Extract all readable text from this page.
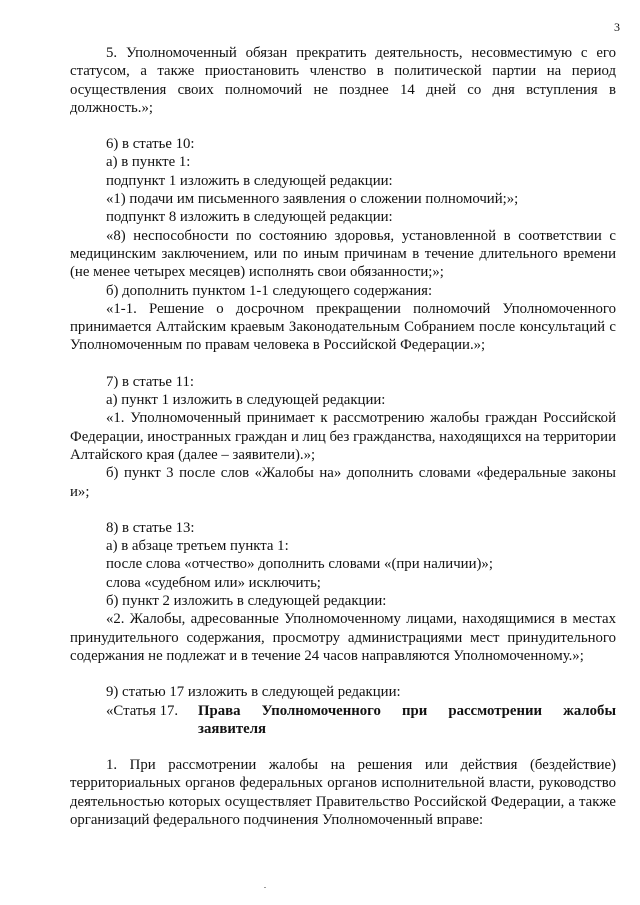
3

5. Уполномоченный обязан прекратить деятельность, несовместимую с его статусом, а также приостановить членство в политической партии на период осуществления своих полномочий не позднее 14 дней со дня вступления в должность.»;

6) в статье 10:

а) в пункте 1:

подпункт 1 изложить в следующей редакции:

«1) подачи им письменного заявления о сложении полномочий;»;

подпункт 8 изложить в следующей редакции:

«8) неспособности по состоянию здоровья, установленной в соответствии с медицинским заключением, или по иным причинам в течение длительного времени (не менее четырех месяцев) исполнять свои обязанности;»;

б) дополнить пунктом 1-1 следующего содержания:

«1-1. Решение о досрочном прекращении полномочий Уполномоченного принимается Алтайским краевым Законодательным Собранием после консультаций с Уполномоченным по правам человека в Российской Федерации.»;

7) в статье 11:

а) пункт 1 изложить в следующей редакции:

«1. Уполномоченный принимает к рассмотрению жалобы граждан Российской Федерации, иностранных граждан и лиц без гражданства, находящихся на территории Алтайского края (далее – заявители).»;

б) пункт 3 после слов «Жалобы на» дополнить словами «федеральные законы и»;

8) в статье 13:

а) в абзаце третьем пункта 1:

после слова «отчество» дополнить словами «(при наличии)»;

слова «судебном или» исключить;

б) пункт 2 изложить в следующей редакции:

«2. Жалобы, адресованные Уполномоченному лицами, находящимися в местах принудительного содержания, просмотру администрациями мест принудительного содержания не подлежат и в течение 24 часов направляются Уполномоченному.»;

9) статью 17 изложить в следующей редакции:

«Статья 17.	Права Уполномоченного при рассмотрении жалобы заявителя

1. При рассмотрении жалобы на решения или действия (бездействие) территориальных органов федеральных органов исполнительной власти, руководство деятельностью которых осуществляет Правительство Российской Федерации, а также организаций федерального подчинения Уполномоченный вправе:
